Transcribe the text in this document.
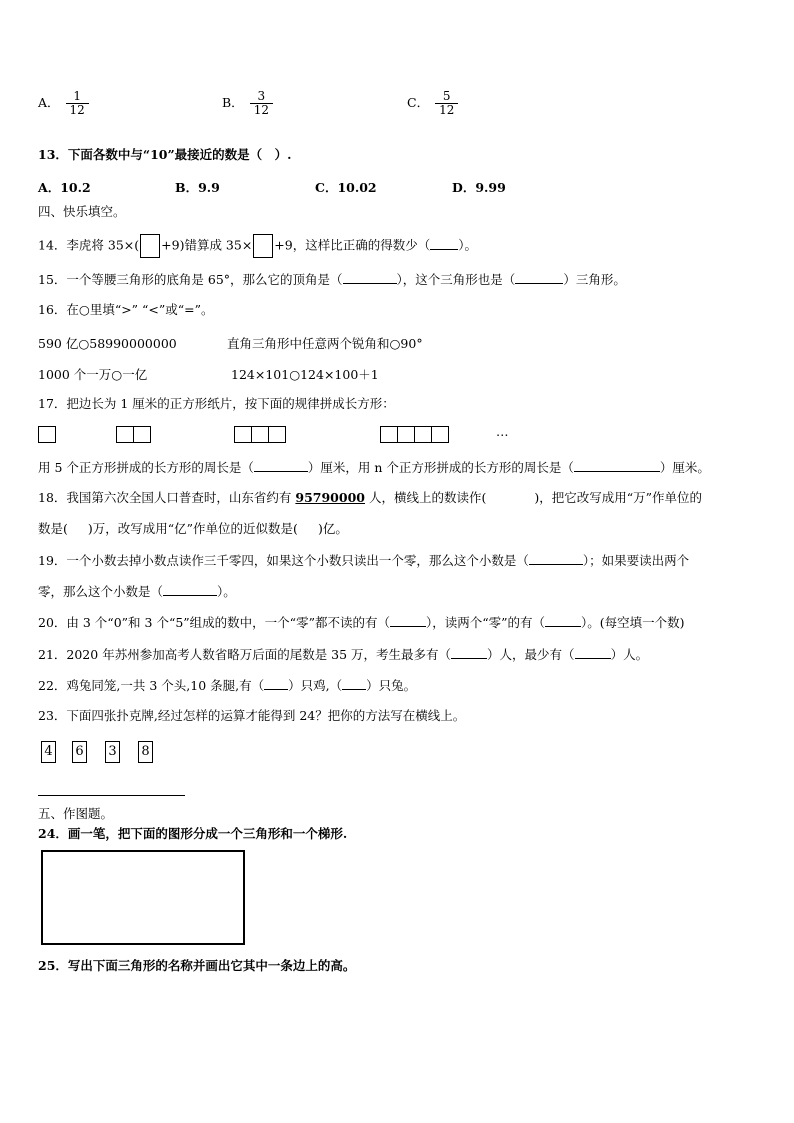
A． $\frac{1}{12}$	B． $\frac{3}{12}$	C． $\frac{5}{12}$
13．下面各数中与“10”最接近的数是（　）.
A．10.2	B．9.9	C．10.02	D．9.99
四、快乐填空。
14．李虎将 35×( +9)错算成 35× +9，这样比正确的得数少（ ）。
15．一个等腰三角形的底角是 65°，那么它的顶角是（	），这个三角形也是（	）三角形。
16．在○里填“>” “<”或“=”。
590 亿○58990000000	直角三角形中任意两个锐角和○90°
1000 个一万○一亿	124×101○124×100＋1
17．把边长为 1 厘米的正方形纸片，按下面的规律拼成长方形：
…
用 5 个正方形拼成的长方形的周长是（	）厘米，用 n 个正方形拼成的长方形的周长是（	）厘米。
18．我国第六次全国人口普查时，山东省约有 95790000 人，横线上的数读作(	)，把它改写成用“万”作单位的
数是( )万，改写成用“亿”作单位的近似数是( )亿。
19．一个小数去掉小数点读作三千零四，如果这个小数只读出一个零，那么这个小数是（	）；如果要读出两个
零，那么这个小数是（	）。
20．由 3 个“0”和 3 个“5”组成的数中，一个“零”都不读的有（	），读两个“零”的有（	）。(每空填一个数)
21．2020 年苏州参加高考人数省略万后面的尾数是 35 万，考生最多有（	）人，最少有（	）人。
22．鸡兔同笼,一共 3 个头,10 条腿,有（ ）只鸡,（ ）只兔。
23．下面四张扑克牌,经过怎样的运算才能得到 24？把你的方法写在横线上。
4 6 3 8
五、作图题。
24．画一笔，把下面的图形分成一个三角形和一个梯形.
25．写出下面三角形的名称并画出它其中一条边上的高。
